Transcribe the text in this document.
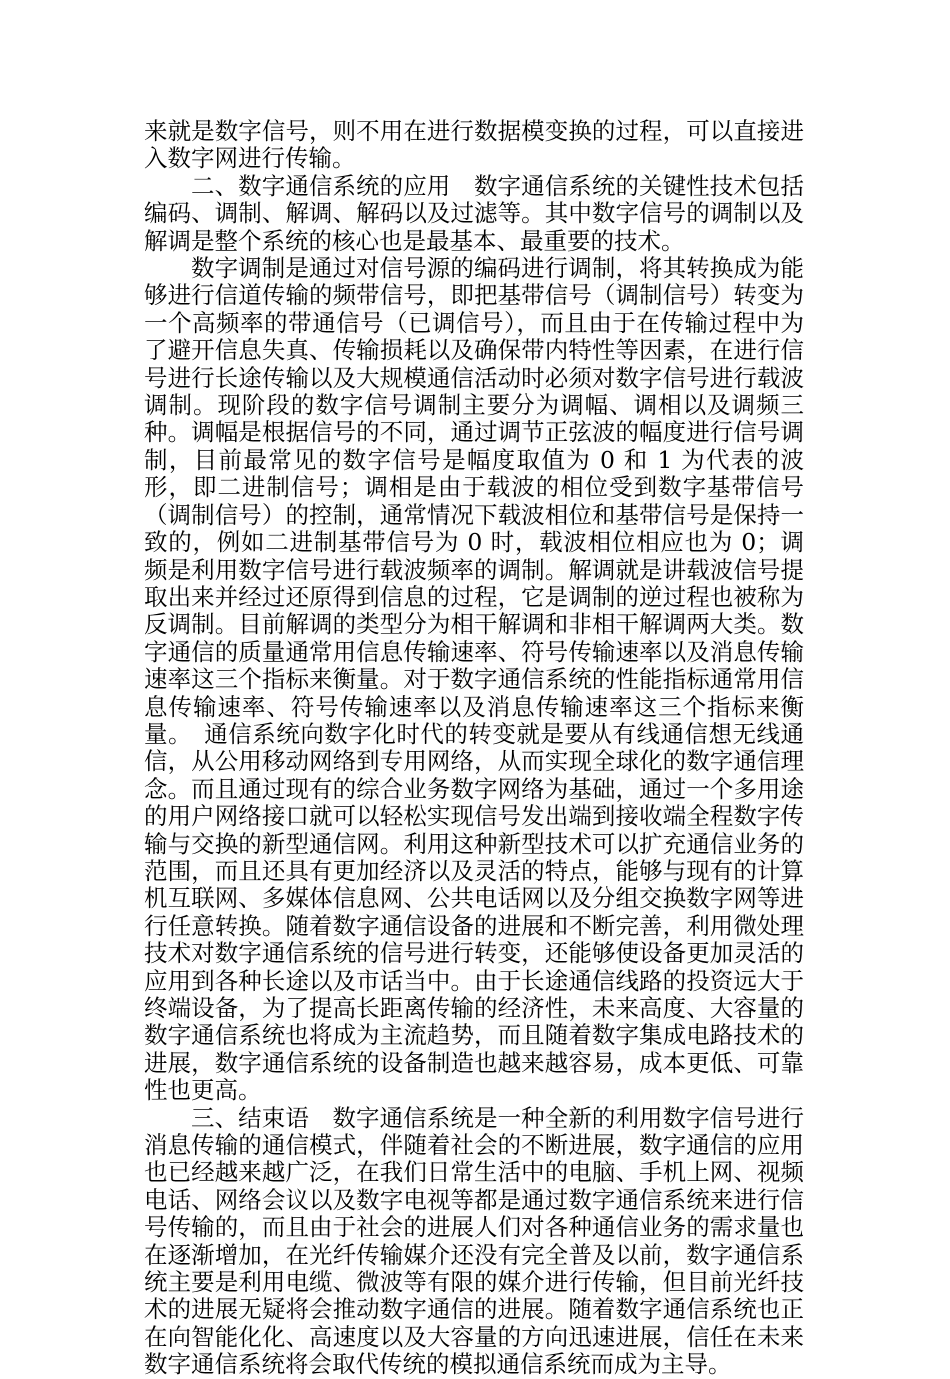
来就是数字信号，则不用在进行数据模变换的过程，可以直接进入数字网进行传输。

二、数字通信系统的应用　数字通信系统的关键性技术包括编码、调制、解调、解码以及过滤等。其中数字信号的调制以及解调是整个系统的核心也是最基本、最重要的技术。

数字调制是通过对信号源的编码进行调制，将其转换成为能够进行信道传输的频带信号，即把基带信号（调制信号）转变为一个高频率的带通信号（已调信号），而且由于在传输过程中为了避开信息失真、传输损耗以及确保带内特性等因素，在进行信号进行长途传输以及大规模通信活动时必须对数字信号进行载波调制。现阶段的数字信号调制主要分为调幅、调相以及调频三种。调幅是根据信号的不同，通过调节正弦波的幅度进行信号调制，目前最常见的数字信号是幅度取值为 0 和 1 为代表的波形，即二进制信号；调相是由于载波的相位受到数字基带信号（调制信号）的控制，通常情况下载波相位和基带信号是保持一致的，例如二进制基带信号为 0 时，载波相位相应也为 0；调频是利用数字信号进行载波频率的调制。解调就是讲载波信号提取出来并经过还原得到信息的过程，它是调制的逆过程也被称为反调制。目前解调的类型分为相干解调和非相干解调两大类。数字通信的质量通常用信息传输速率、符号传输速率以及消息传输速率这三个指标来衡量。对于数字通信系统的性能指标通常用信息传输速率、符号传输速率以及消息传输速率这三个指标来衡量。　通信系统向数字化时代的转变就是要从有线通信想无线通信，从公用移动网络到专用网络，从而实现全球化的数字通信理念。而且通过现有的综合业务数字网络为基础，通过一个多用途的用户网络接口就可以轻松实现信号发出端到接收端全程数字传输与交换的新型通信网。利用这种新型技术可以扩充通信业务的范围，而且还具有更加经济以及灵活的特点，能够与现有的计算机互联网、多媒体信息网、公共电话网以及分组交换数字网等进行任意转换。随着数字通信设备的进展和不断完善，利用微处理技术对数字通信系统的信号进行转变，还能够使设备更加灵活的应用到各种长途以及市话当中。由于长途通信线路的投资远大于终端设备，为了提高长距离传输的经济性，未来高度、大容量的数字通信系统也将成为主流趋势，而且随着数字集成电路技术的进展，数字通信系统的设备制造也越来越容易，成本更低、可靠性也更高。

三、结束语　数字通信系统是一种全新的利用数字信号进行消息传输的通信模式，伴随着社会的不断进展，数字通信的应用也已经越来越广泛，在我们日常生活中的电脑、手机上网、视频电话、网络会议以及数字电视等都是通过数字通信系统来进行信号传输的，而且由于社会的进展人们对各种通信业务的需求量也在逐渐增加，在光纤传输媒介还没有完全普及以前，数字通信系统主要是利用电缆、微波等有限的媒介进行传输，但目前光纤技术的进展无疑将会推动数字通信的进展。随着数字通信系统也正在向智能化化、高速度以及大容量的方向迅速进展，信任在未来数字通信系统将会取代传统的模拟通信系统而成为主导。
